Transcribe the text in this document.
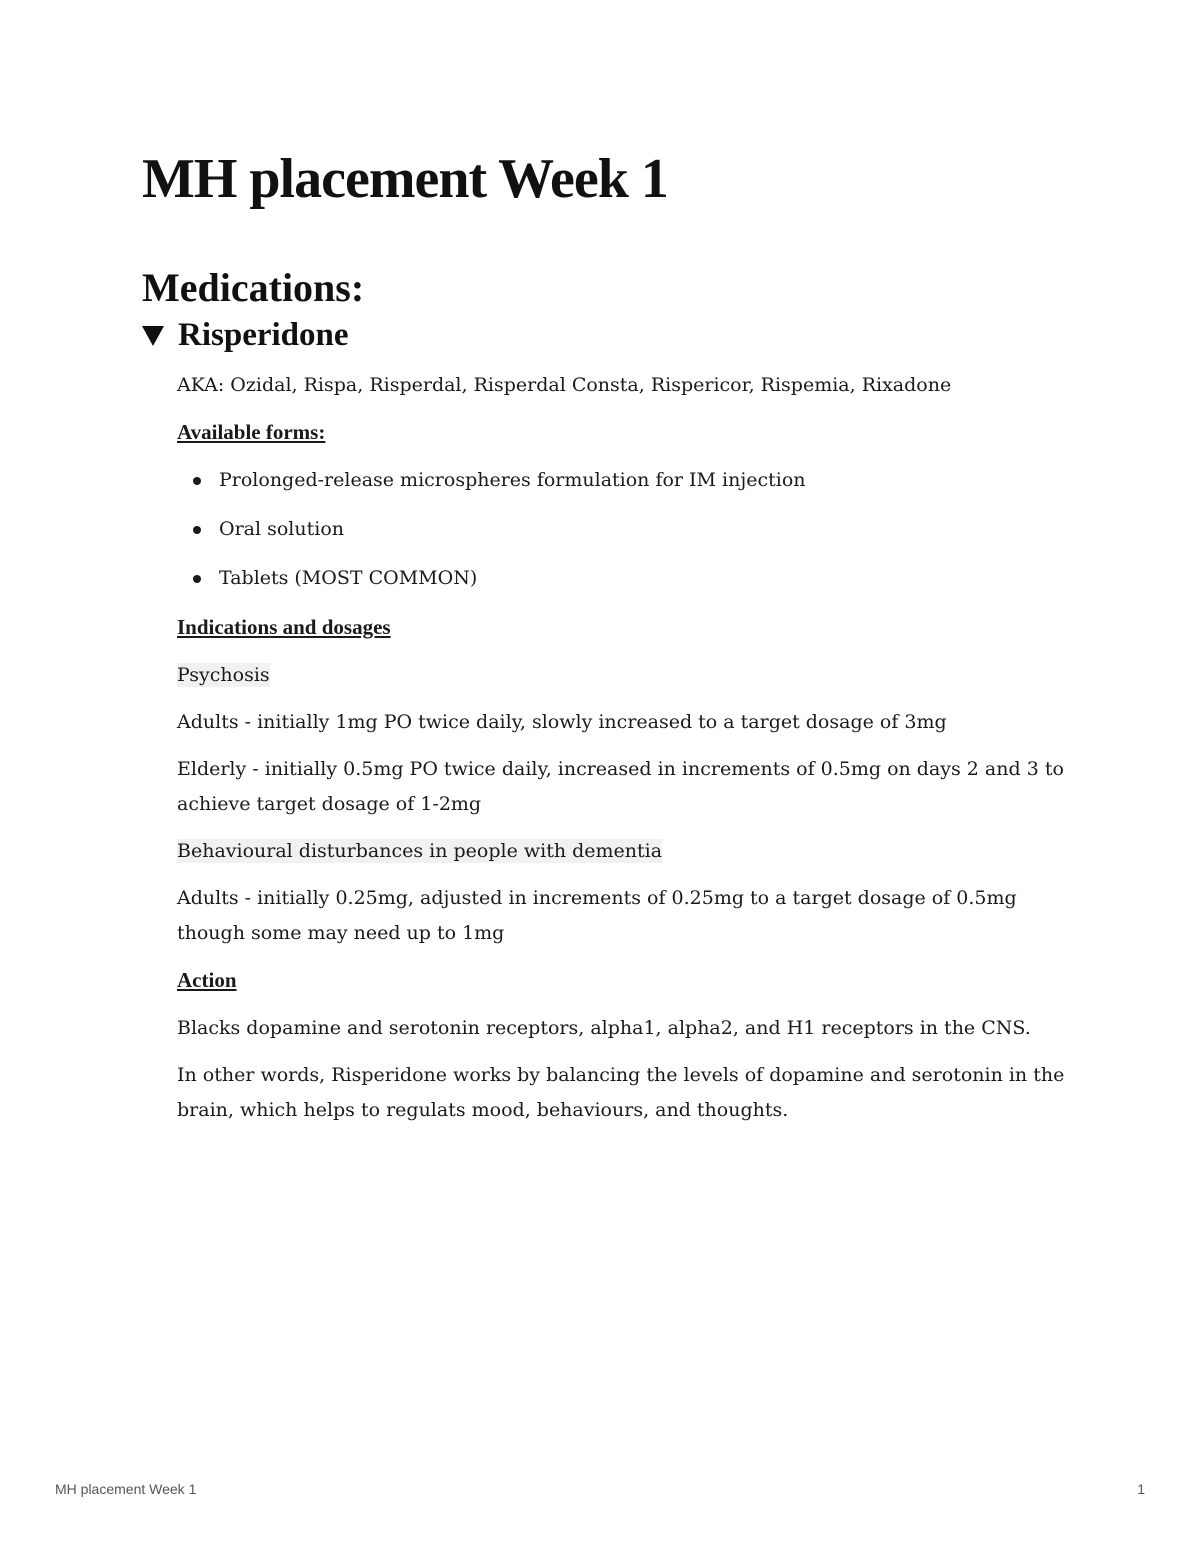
MH placement Week 1
Medications:
Risperidone

AKA: Ozidal, Rispa, Risperdal, Risperdal Consta, Rispericor, Rispemia, Rixadone

Available forms:

Prolonged-release microspheres formulation for IM injection
Oral solution
Tablets (MOST COMMON)

Indications and dosages

Psychosis

Adults - initially 1mg PO twice daily, slowly increased to a target dosage of 3mg

Elderly - initially 0.5mg PO twice daily, increased in increments of 0.5mg on days 2 and 3 to achieve target dosage of 1-2mg

Behavioural disturbances in people with dementia

Adults - initially 0.25mg, adjusted in increments of 0.25mg to a target dosage of 0.5mg though some may need up to 1mg

Action

Blacks dopamine and serotonin receptors, alpha1, alpha2, and H1 receptors in the CNS.

In other words, Risperidone works by balancing the levels of dopamine and serotonin in the brain, which helps to regulats mood, behaviours, and thoughts.

MH placement Week 1	1
